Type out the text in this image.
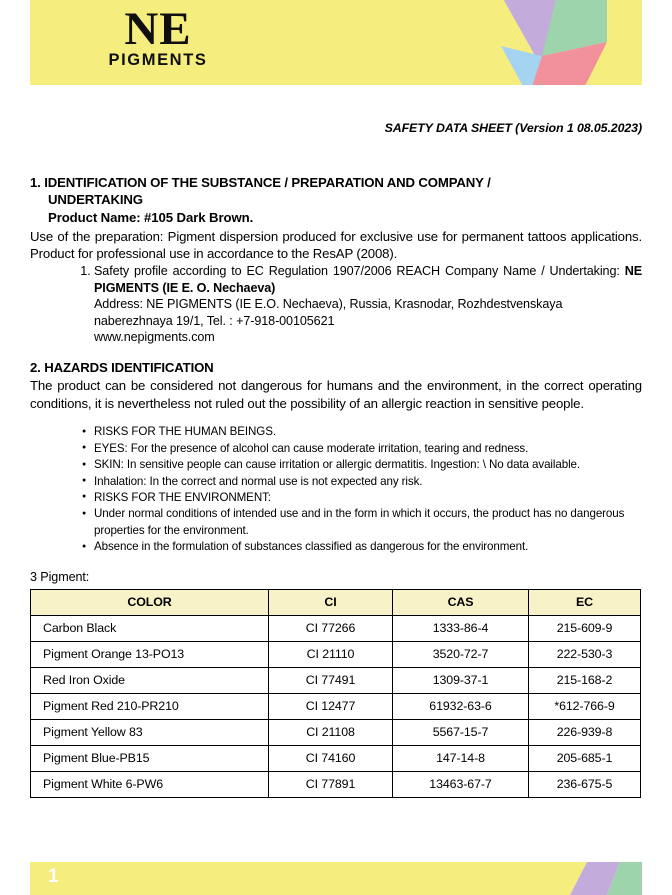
NE
PIGMENTS
SAFETY DATA SHEET (Version 1 08.05.2023)
1. IDENTIFICATION OF THE SUBSTANCE / PREPARATION AND COMPANY /
UNDERTAKING
Product Name: #105 Dark Brown.
Use of the preparation: Pigment dispersion produced for exclusive use for permanent tattoos applications. Product for professional use in accordance to the ResAP (2008).
1. Safety profile according to EC Regulation 1907/2006 REACH Company Name / Undertaking: NE PIGMENTS (IE E. O. Nechaeva)
Address: NE PIGMENTS (IE E.O. Nechaeva), Russia, Krasnodar, Rozhdestvenskaya
naberezhnaya 19/1, Tel. : +7-918-00105621
www.nepigments.com
2. HAZARDS IDENTIFICATION
The product can be considered not dangerous for humans and the environment, in the correct operating conditions, it is nevertheless not ruled out the possibility of an allergic reaction in sensitive people.
● RISKS FOR THE HUMAN BEINGS.
● EYES: For the presence of alcohol can cause moderate irritation, tearing and redness.
● SKIN: In sensitive people can cause irritation or allergic dermatitis. Ingestion: \ No data available.
● Inhalation: In the correct and normal use is not expected any risk.
● RISKS FOR THE ENVIRONMENT:
● Under normal conditions of intended use and in the form in which it occurs, the product has no dangerous properties for the environment.
● Absence in the formulation of substances classified as dangerous for the environment.
3 Pigment:
COLOR	CI	CAS	EC
Carbon Black	CI 77266	1333-86-4	215-609-9
Pigment Orange 13-PO13	CI 21110	3520-72-7	222-530-3
Red Iron Oxide	CI 77491	1309-37-1	215-168-2
Pigment Red 210-PR210	CI 12477	61932-63-6	*612-766-9
Pigment Yellow 83	CI 21108	5567-15-7	226-939-8
Pigment Blue-PB15	CI 74160	147-14-8	205-685-1
Pigment White 6-PW6	CI 77891	13463-67-7	236-675-5
1
